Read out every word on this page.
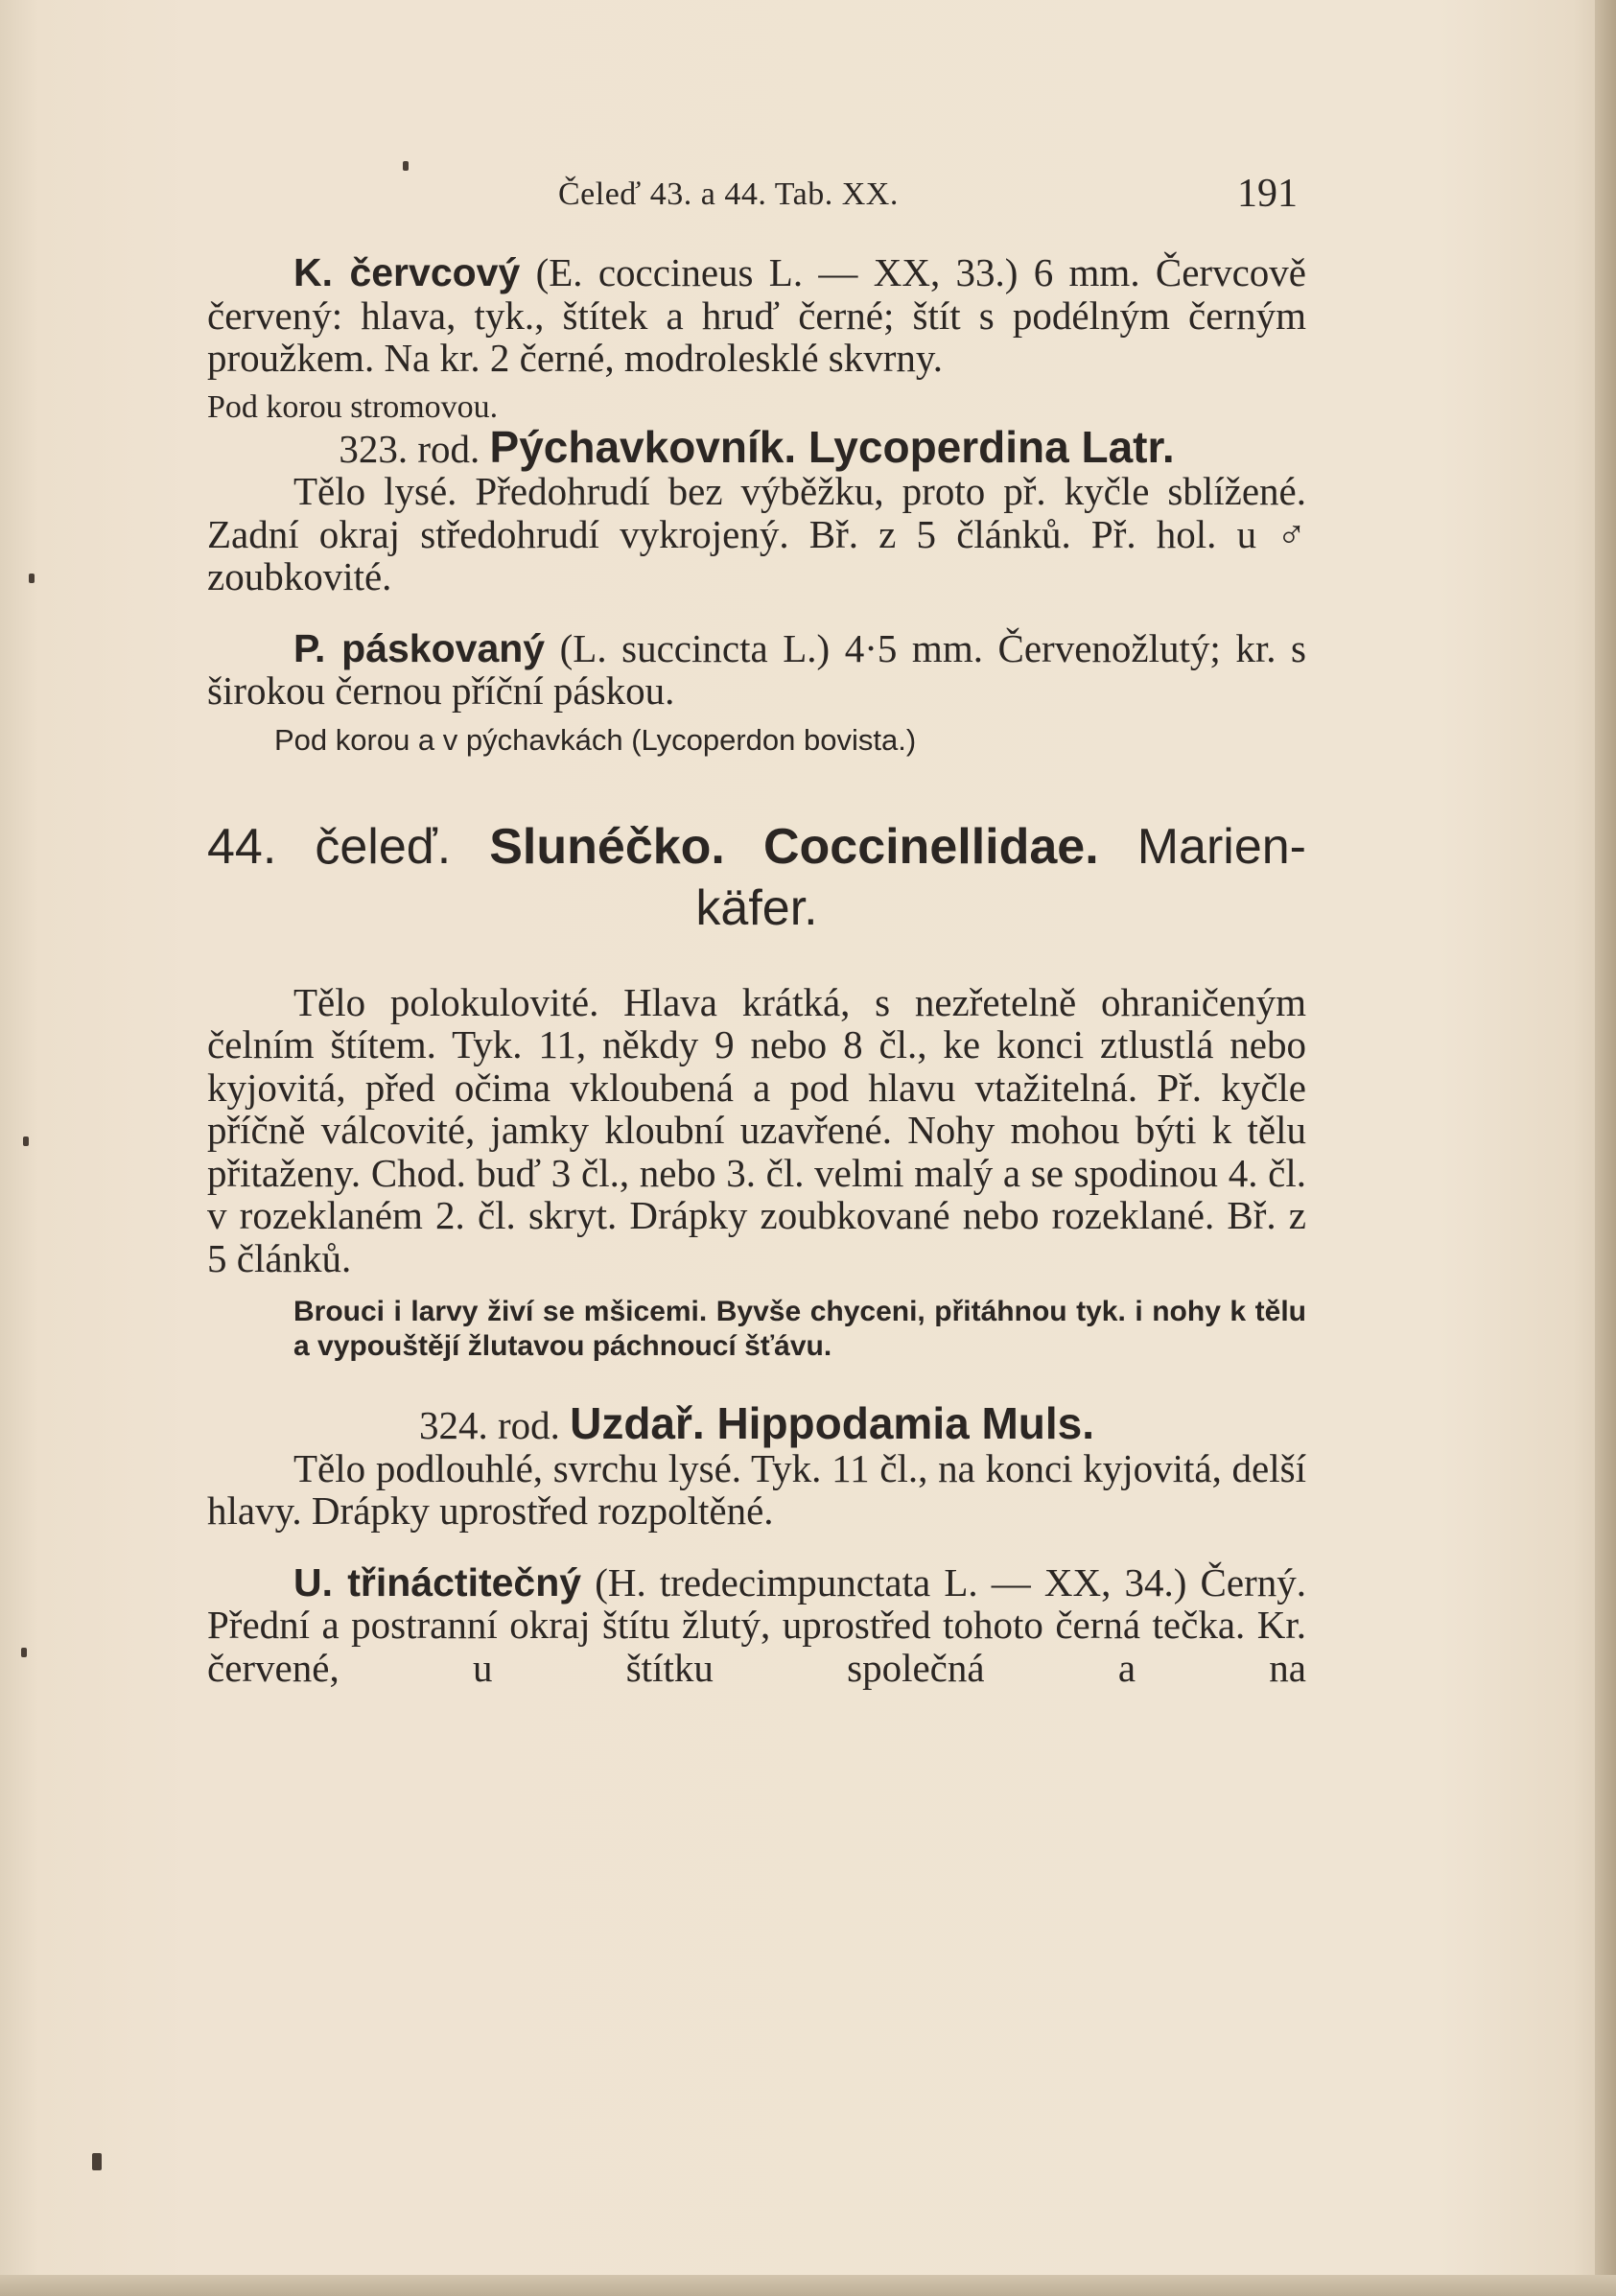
Čeleď 43. a 44. Tab. XX.	191

K. červcový (E. coccineus L. — XX, 33.) 6 mm. Červcově červený: hlava, tyk., štítek a hruď černé; štít s podélným černým proužkem. Na kr. 2 černé, modrolesklé skvrny.

Pod korou stromovou.

323. rod. Pýchavkovník. Lycoperdina Latr.

Tělo lysé. Předohrudí bez výběžku, proto př. kyčle sblížené. Zadní okraj středohrudí vykrojený. Bř. z 5 článků. Př. hol. u ♂ zoubkovité.

P. páskovaný (L. succincta L.) 4·5 mm. Červenožlutý; kr. s širokou černou příční páskou.

Pod korou a v pýchavkách (Lycoperdon bovista.)

44. čeleď. Slunéčko. Coccinellidae. Marien-
käfer.

Tělo polokulovité. Hlava krátká, s nezřetelně ohraničeným čelním štítem. Tyk. 11, někdy 9 nebo 8 čl., ke konci ztlustlá nebo kyjovitá, před očima vkloubená a pod hlavu vtažitelná. Př. kyčle příčně válcovité, jamky kloubní uzavřené. Nohy mohou býti k tělu přitaženy. Chod. buď 3 čl., nebo 3. čl. velmi malý a se spodinou 4. čl. v rozeklaném 2. čl. skryt. Drápky zoubkované nebo rozeklané. Bř. z 5 článků.

Brouci i larvy živí se mšicemi. Byvše chyceni, přitáhnou tyk. i nohy k tělu a vypouštějí žlutavou páchnoucí šťávu.

324. rod. Uzdař. Hippodamia Muls.

Tělo podlouhlé, svrchu lysé. Tyk. 11 čl., na konci kyjovitá, delší hlavy. Drápky uprostřed rozpoltěné.

U. třináctitečný (H. tredecimpunctata L. — XX, 34.) Černý. Přední a postranní okraj štítu žlutý, uprostřed tohoto černá tečka. Kr. červené, u štítku společná a na
